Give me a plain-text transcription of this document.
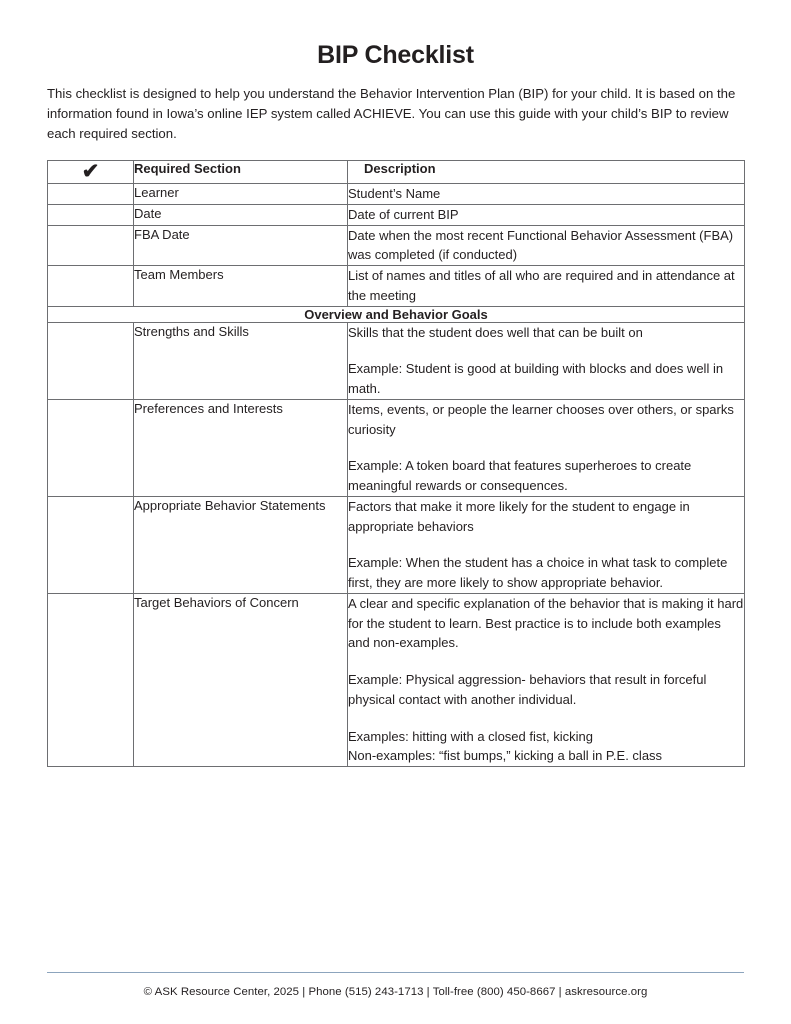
BIP Checklist

This checklist is designed to help you understand the Behavior Intervention Plan (BIP) for your child. It is based on the information found in Iowa’s online IEP system called ACHIEVE. You can use this guide with your child’s BIP to review each required section.

✔	Required Section	Description
	Learner	Student’s Name
	Date	Date of current BIP
	FBA Date	Date when the most recent Functional Behavior Assessment (FBA) was completed (if conducted)
	Team Members	List of names and titles of all who are required and in attendance at the meeting
Overview and Behavior Goals		
	Strengths and Skills	Skills that the student does well that can be built on

Example: Student is good at building with blocks and does well in math.

	Preferences and Interests	Items, events, or people the learner chooses over others, or sparks curiosity

Example: A token board that features superheroes to create meaningful rewards or consequences.

	Appropriate Behavior Statements	Factors that make it more likely for the student to engage in appropriate behaviors

Example: When the student has a choice in what task to complete first, they are more likely to show appropriate behavior.

	Target Behaviors of Concern	A clear and specific explanation of the behavior that is making it hard for the student to learn. Best practice is to include both examples and non-examples.

Example: Physical aggression- behaviors that result in forceful physical contact with another individual.

Examples: hitting with a closed fist, kicking

Non-examples: “fist bumps,” kicking a ball in P.E. class

© ASK Resource Center, 2025 | Phone (515) 243-1713 | Toll-free (800) 450-8667 | askresource.org
